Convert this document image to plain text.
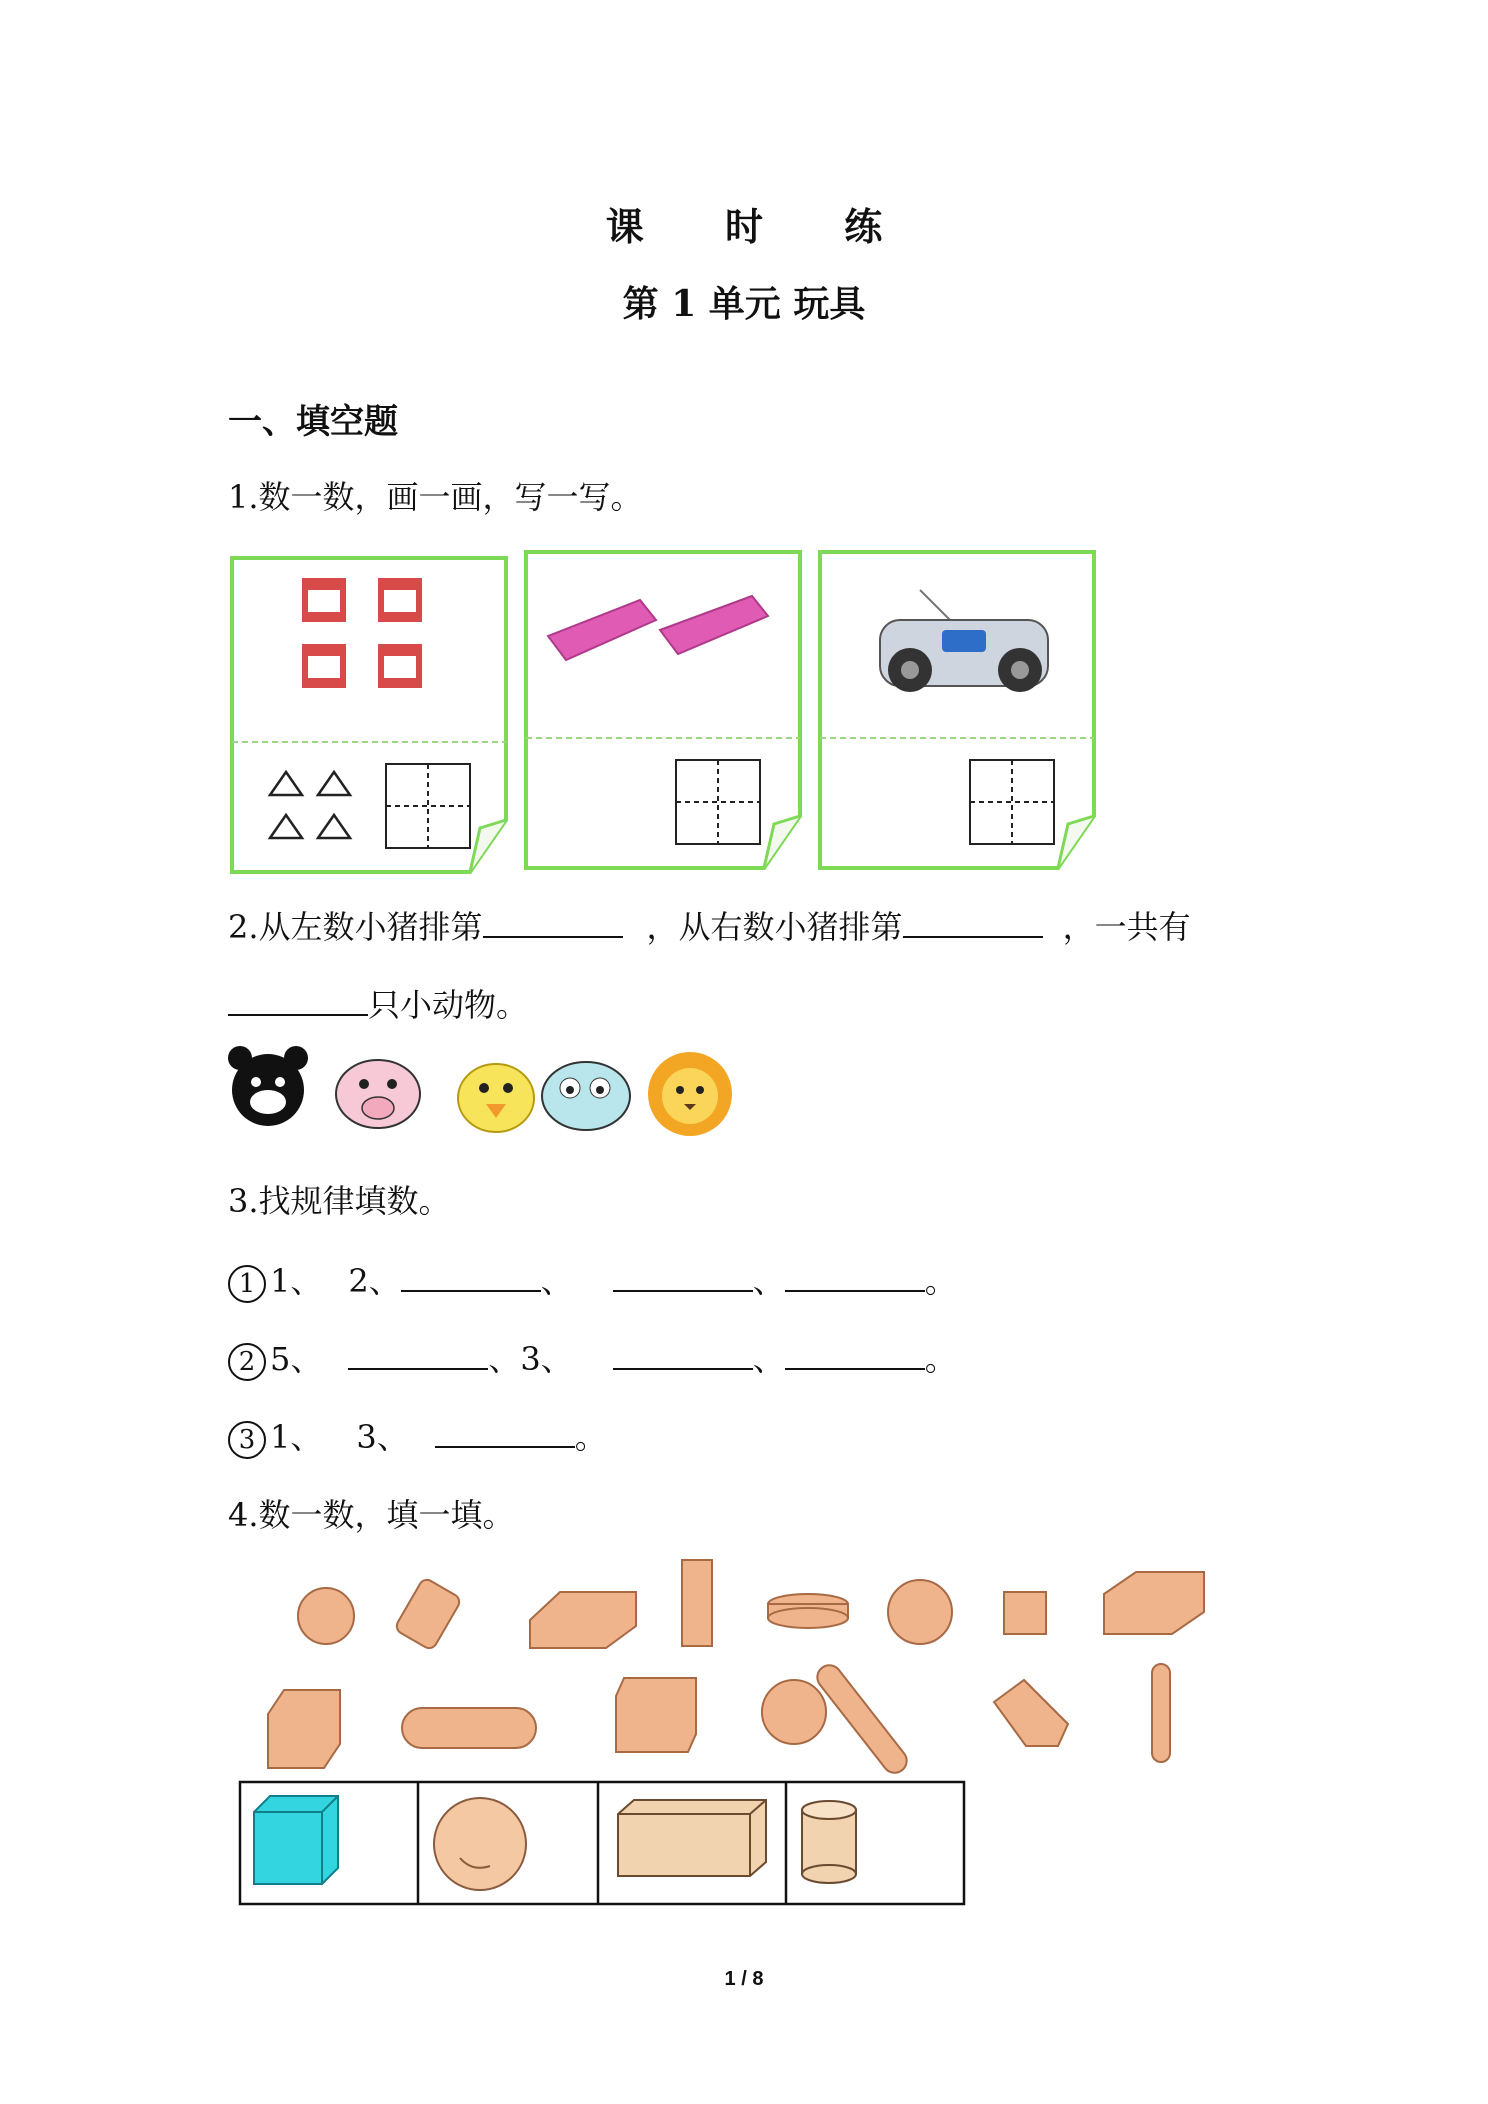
课 时 练
第 1 单元 玩具
一、填空题
1.数一数，画一画，写一写。
2.从左数小猪排第	，从右数小猪排第	，一共有
只小动物。
3.找规律填数。
1 1、 2、	、	、	。
2 5、	、3、	、	。
3 1、 3、	。
4.数一数，填一填。
1 / 8
